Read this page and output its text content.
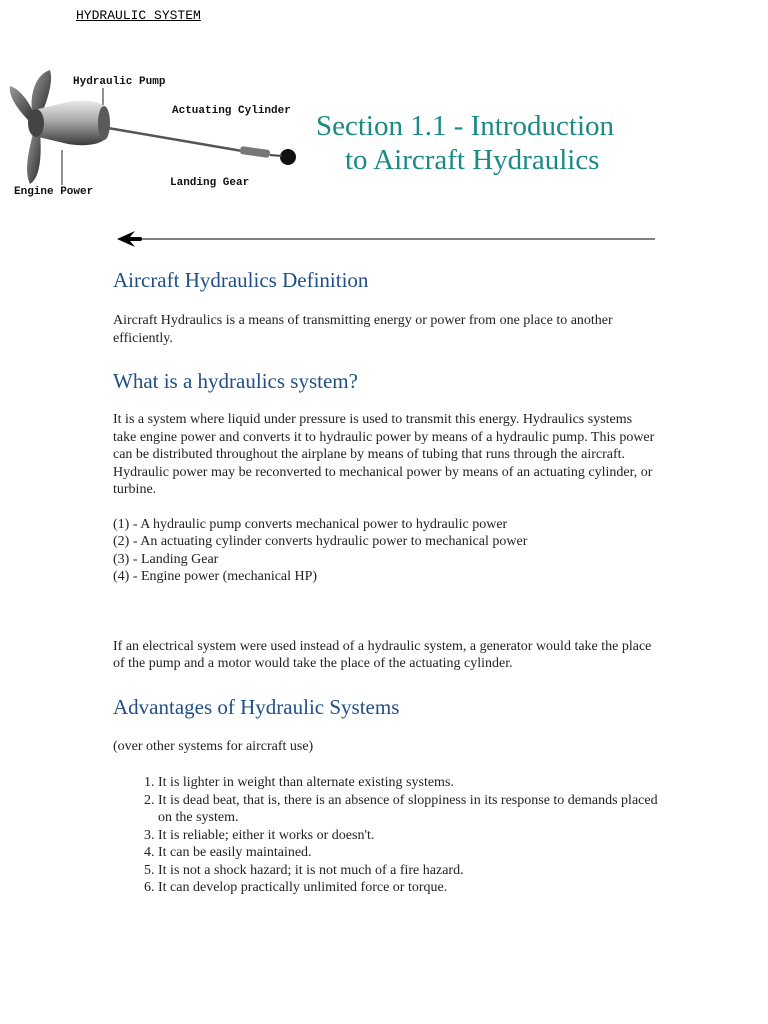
HYDRAULIC SYSTEM
Hydraulic Pump
Actuating Cylinder
Engine Power
Landing Gear
Section 1.1 - Introduction
to Aircraft Hydraulics
Aircraft Hydraulics Definition

Aircraft Hydraulics is a means of transmitting energy or power from one place to another efficiently.

What is a hydraulics system?

It is a system where liquid under pressure is used to transmit this energy. Hydraulics systems take engine power and converts it to hydraulic power by means of a hydraulic pump. This power can be distributed throughout the airplane by means of tubing that runs through the aircraft. Hydraulic power may be reconverted to mechanical power by means of an actuating cylinder, or turbine.

(1) - A hydraulic pump converts mechanical power to hydraulic power
(2) - An actuating cylinder converts hydraulic power to mechanical power
(3) - Landing Gear
(4) - Engine power (mechanical HP)

If an electrical system were used instead of a hydraulic system, a generator would take the place of the pump and a motor would take the place of the actuating cylinder.

Advantages of Hydraulic Systems

(over other systems for aircraft use)

1. It is lighter in weight than alternate existing systems.
2. It is dead beat, that is, there is an absence of sloppiness in its response to demands placed on the system.
3. It is reliable; either it works or doesn't.
4. It can be easily maintained.
5. It is not a shock hazard; it is not much of a fire hazard.
6. It can develop practically unlimited force or torque.
